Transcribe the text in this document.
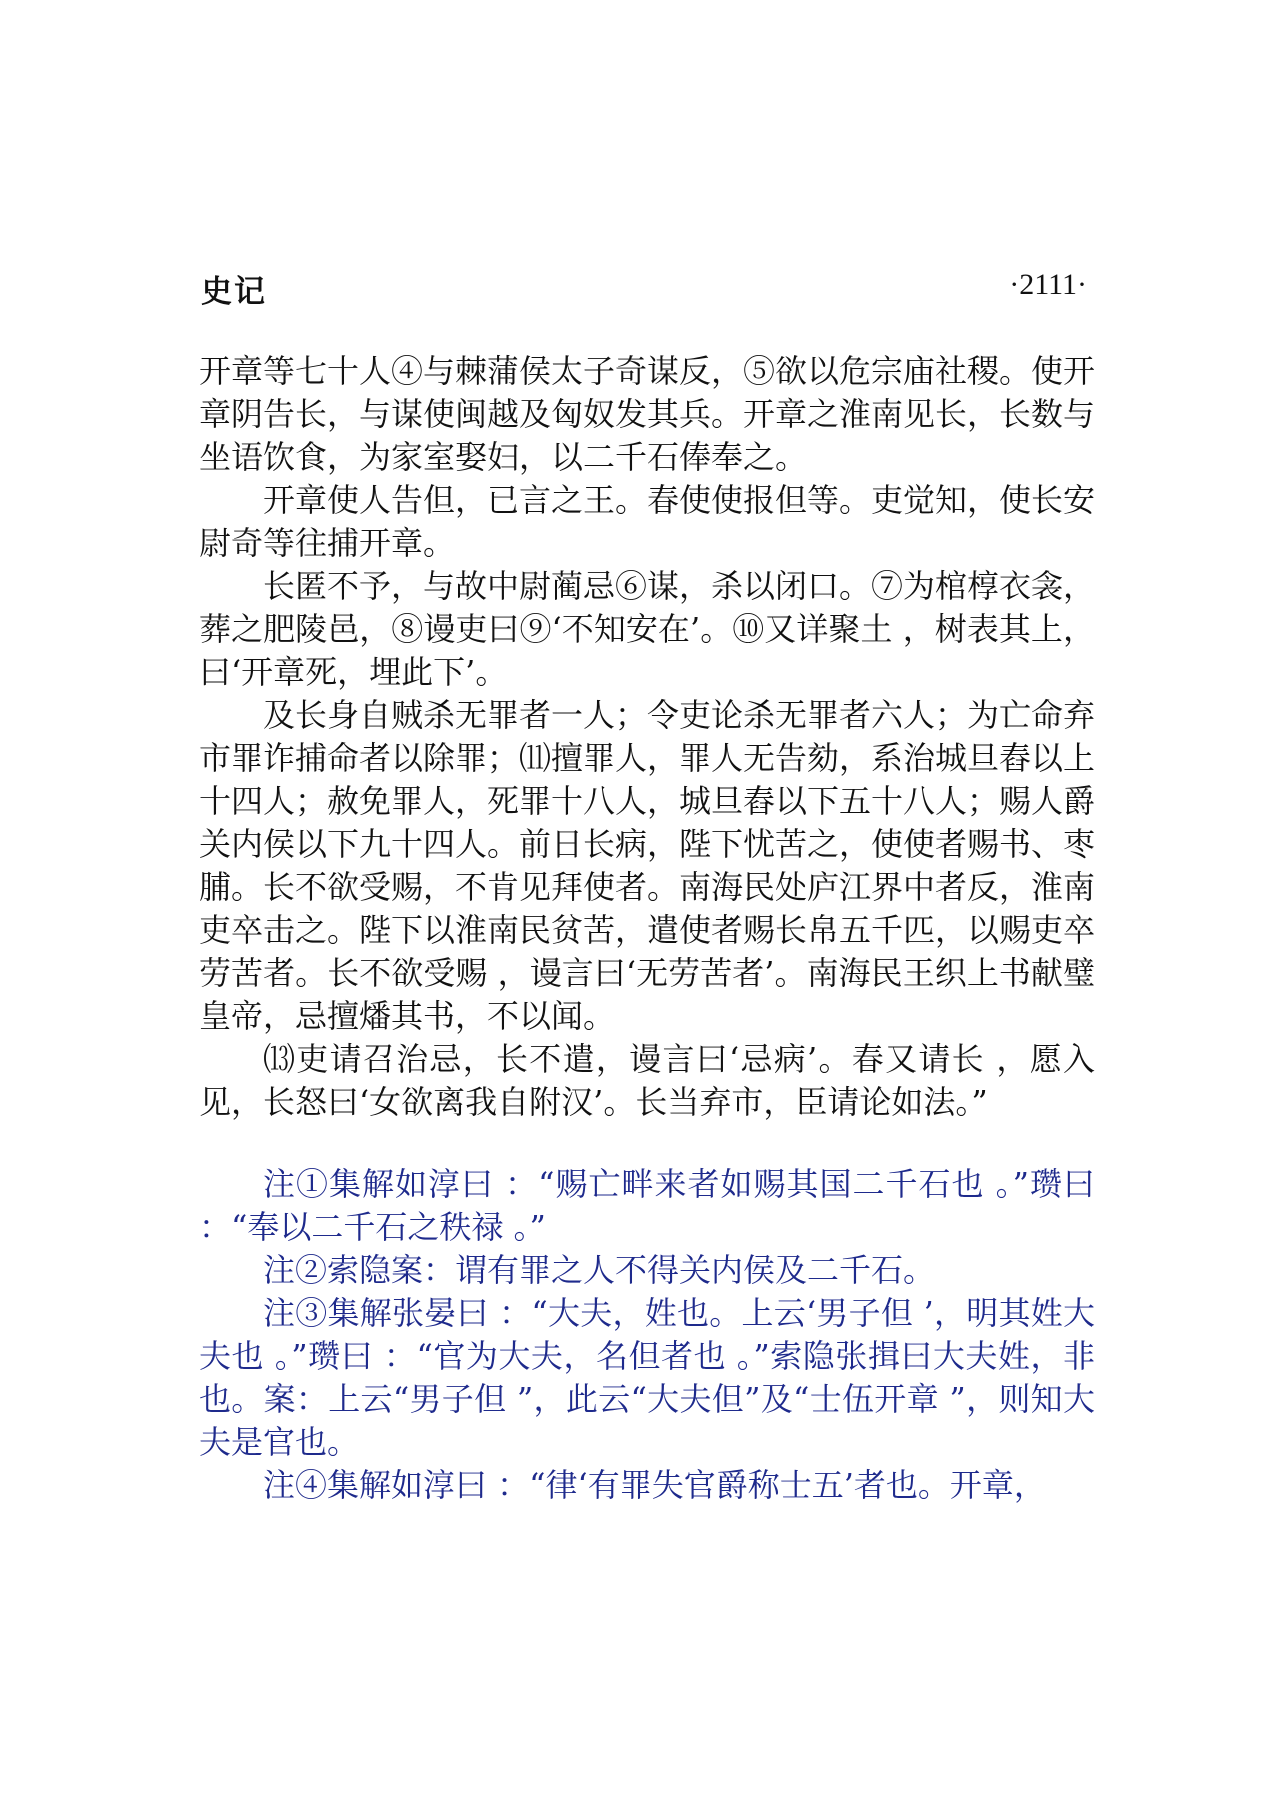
史记	·2111·

开章等七十人④与棘蒲侯太子奇谋反，⑤欲以危宗庙社稷。使开章阴告长，与谋使闽越及匈奴发其兵。开章之淮南见长，长数与坐语饮食，为家室娶妇，以二千石俸奉之。

开章使人告但，已言之王。春使使报但等。吏觉知，使长安尉奇等往捕开章。

长匿不予，与故中尉蔺忌⑥谋，杀以闭口。⑦为棺椁衣衾，葬之肥陵邑，⑧谩吏曰⑨‘不知安在’。⑩又详聚土 ，树表其上，曰‘开章死，埋此下’。

及长身自贼杀无罪者一人；令吏论杀无罪者六人；为亡命弃市罪诈捕命者以除罪；⑾擅罪人，罪人无告劾，系治城旦舂以上十四人；赦免罪人，死罪十八人，城旦舂以下五十八人；赐人爵关内侯以下九十四人。前日长病，陛下忧苦之，使使者赐书、枣脯。长不欲受赐，不肯见拜使者。南海民处庐江界中者反，淮南吏卒击之。陛下以淮南民贫苦，遣使者赐长帛五千匹，以赐吏卒劳苦者。长不欲受赐 ，谩言曰‘无劳苦者’。南海民王织上书献璧皇帝，忌擅燔其书，不以闻。

⒀吏请召治忌，长不遣，谩言曰‘忌病’。春又请长 ，愿入见，长怒曰‘女欲离我自附汉’。长当弃市，臣请论如法。”

注①集解如淳曰 ：“赐亡畔来者如赐其国二千石也 。”瓒曰 ：“奉以二千石之秩禄 。”

注②索隐案：谓有罪之人不得关内侯及二千石。

注③集解张晏曰 ：“大夫，姓也。上云‘男子但 ’，明其姓大夫也 。”瓒曰 ：“官为大夫，名但者也 。”索隐张揖曰大夫姓，非也。案：上云“男子但 ”，此云“大夫但”及“士伍开章 ”，则知大夫是官也。

注④集解如淳曰 ：“律‘有罪失官爵称士五’者也。开章，
